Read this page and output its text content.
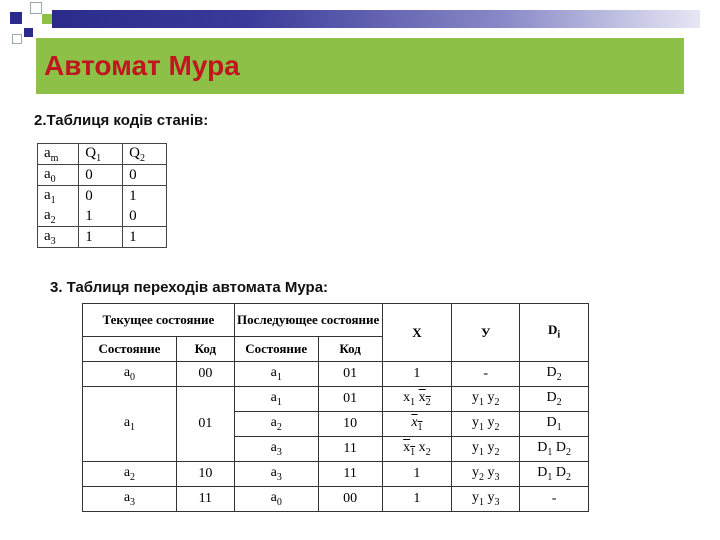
Автомат Мура
2.Таблиця кодів станів:
$a_m$	$Q_1$	$Q_2$
$a_0$	0	0
$a_1$	0	1
$a_2$	1	0
$a_3$	1	1
3. Таблиця переходів автомата Мура:
Текущее состояние		Последующее состояние		X	У	$D_i$
Состояние	Код	Состояние	Код			
$a_0$	00	$a_1$	01	1	-	$D_2$
$a_1$	01	$a_1$	01	$x_1$ $\overline{x}_2$	$y_1$ $y_2$	$D_2$
		$a_2$	10	$\overline{x}_1$	$y_1$ $y_2$	$D_1$
		$a_3$	11	$\overline{x}_1$ $x_2$	$y_1$ $y_2$	$D_1$ $D_2$
$a_2$	10	$a_3$	11	1	$y_2$ $y_3$	$D_1$ $D_2$
$a_3$	11	$a_0$	00	1	$y_1$ $y_3$	-
